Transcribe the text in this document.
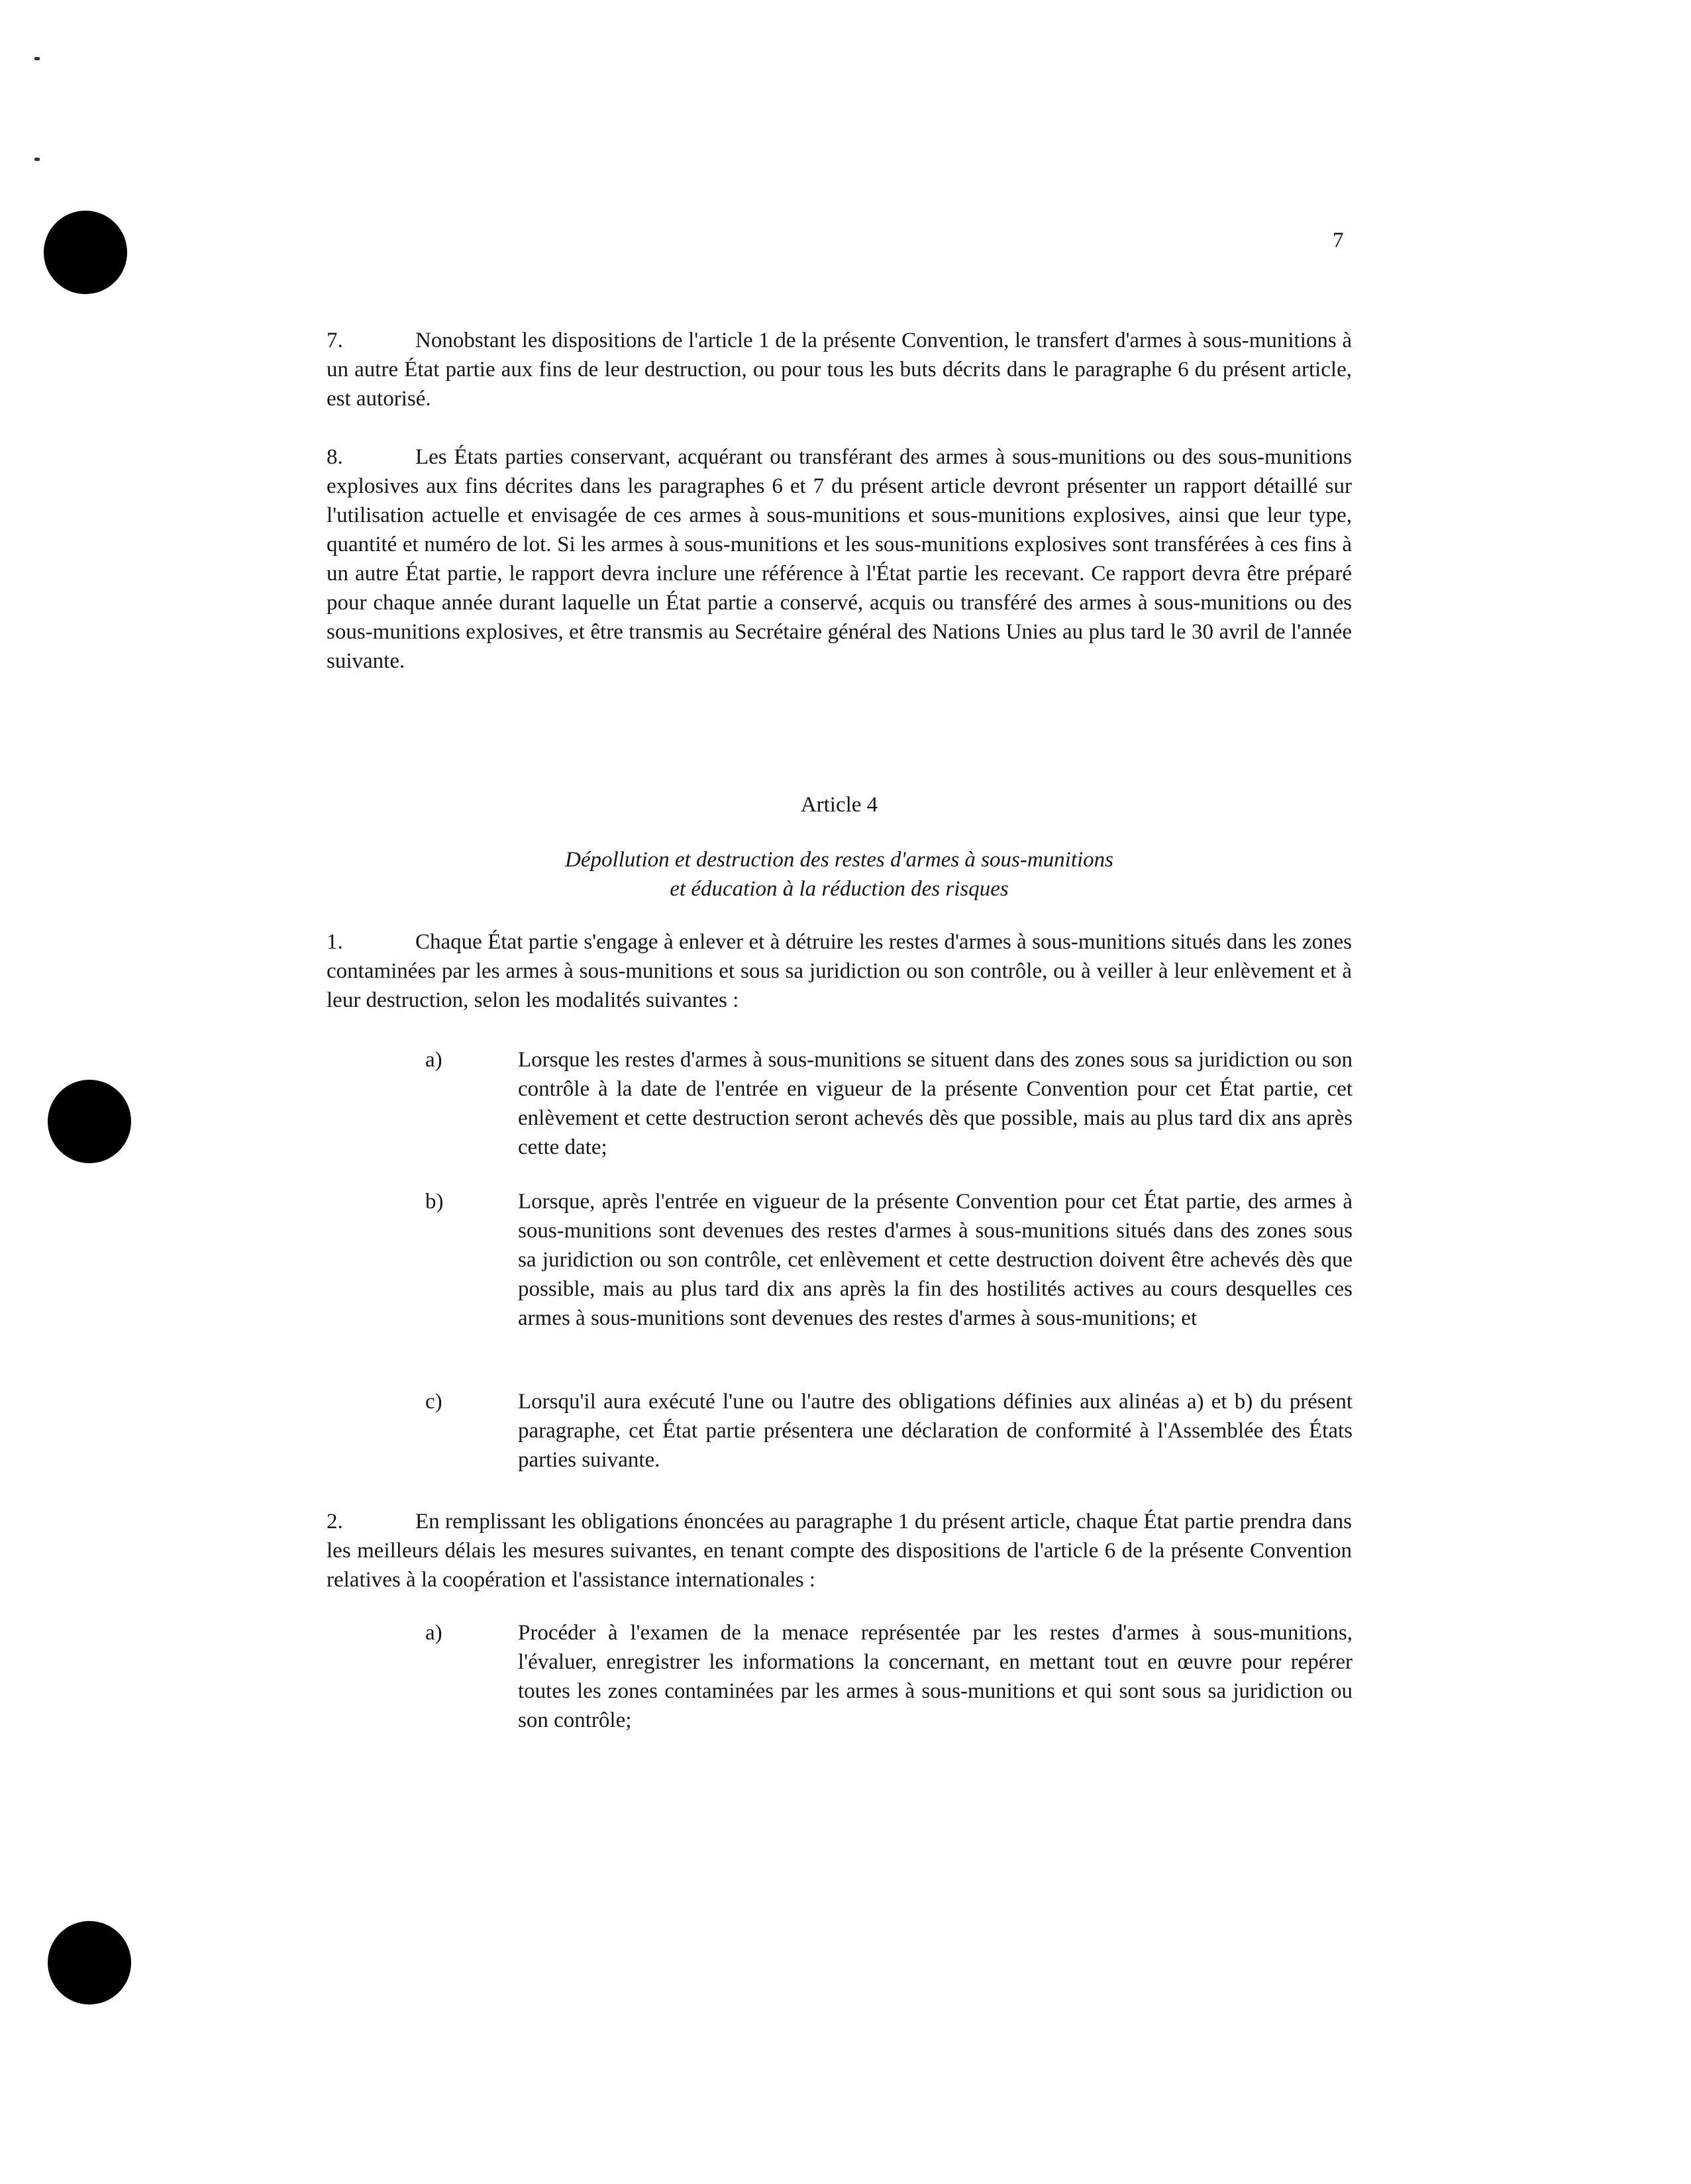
7

7.	Nonobstant les dispositions de l'article 1 de la présente Convention, le transfert d'armes à sous-munitions à un autre État partie aux fins de leur destruction, ou pour tous les buts décrits dans le paragraphe 6 du présent article, est autorisé.

8.	Les États parties conservant, acquérant ou transférant des armes à sous-munitions ou des sous-munitions explosives aux fins décrites dans les paragraphes 6 et 7 du présent article devront présenter un rapport détaillé sur l'utilisation actuelle et envisagée de ces armes à sous-munitions et sous-munitions explosives, ainsi que leur type, quantité et numéro de lot. Si les armes à sous-munitions et les sous-munitions explosives sont transférées à ces fins à un autre État partie, le rapport devra inclure une référence à l'État partie les recevant. Ce rapport devra être préparé pour chaque année durant laquelle un État partie a conservé, acquis ou transféré des armes à sous-munitions ou des sous-munitions explosives, et être transmis au Secrétaire général des Nations Unies au plus tard le 30 avril de l'année suivante.

Article 4

Dépollution et destruction des restes d'armes à sous-munitions

et éducation à la réduction des risques

1.	Chaque État partie s'engage à enlever et à détruire les restes d'armes à sous-munitions situés dans les zones contaminées par les armes à sous-munitions et sous sa juridiction ou son contrôle, ou à veiller à leur enlèvement et à leur destruction, selon les modalités suivantes :

a)	Lorsque les restes d'armes à sous-munitions se situent dans des zones sous sa juridiction ou son contrôle à la date de l'entrée en vigueur de la présente Convention pour cet État partie, cet enlèvement et cette destruction seront achevés dès que possible, mais au plus tard dix ans après cette date;
b)	Lorsque, après l'entrée en vigueur de la présente Convention pour cet État partie, des armes à sous-munitions sont devenues des restes d'armes à sous-munitions situés dans des zones sous sa juridiction ou son contrôle, cet enlèvement et cette destruction doivent être achevés dès que possible, mais au plus tard dix ans après la fin des hostilités actives au cours desquelles ces armes à sous-munitions sont devenues des restes d'armes à sous-munitions; et
c)	Lorsqu'il aura exécuté l'une ou l'autre des obligations définies aux alinéas a) et b) du présent paragraphe, cet État partie présentera une déclaration de conformité à l'Assemblée des États parties suivante.

2.	En remplissant les obligations énoncées au paragraphe 1 du présent article, chaque État partie prendra dans les meilleurs délais les mesures suivantes, en tenant compte des dispositions de l'article 6 de la présente Convention relatives à la coopération et l'assistance internationales :

a)	Procéder à l'examen de la menace représentée par les restes d'armes à sous-munitions, l'évaluer, enregistrer les informations la concernant, en mettant tout en œuvre pour repérer toutes les zones contaminées par les armes à sous-munitions et qui sont sous sa juridiction ou son contrôle;
